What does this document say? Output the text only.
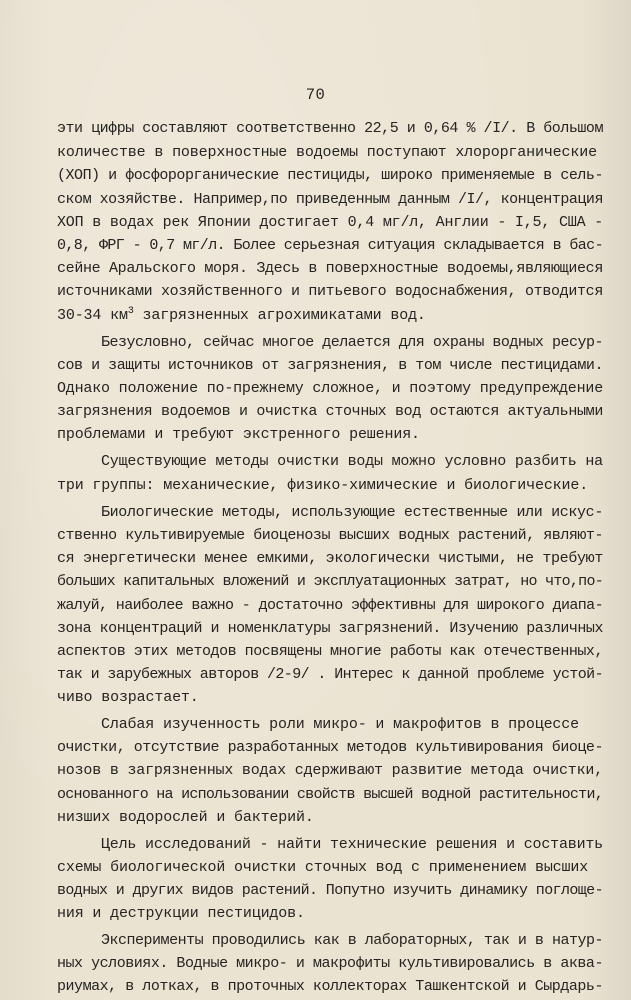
70
эти цифры составляют соответственно 22,5 и 0,64 % /I/. В большом
количестве в поверхностные водоемы поступают хлорорганические
(ХОП) и фосфорорганические пестициды, широко применяемые в сель-
ском хозяйстве. Например,по приведенным данным /I/, концентрация
ХОП в водах рек Японии достигает 0,4 мг/л, Англии - I,5, США -
0,8, ФРГ - 0,7 мг/л. Более серьезная ситуация складывается в бас-
сейне Аральского моря. Здесь в поверхностные водоемы,являющиеся
источниками хозяйственного и питьевого водоснабжения, отводится
30-34 $км^3$ загрязненных агрохимикатами вод.
Безусловно, сейчас многое делается для охраны водных ресур-
сов и защиты источников от загрязнения, в том числе пестицидами.
Однако положение по-прежнему сложное, и поэтому предупреждение
загрязнения водоемов и очистка сточных вод остаются актуальными
проблемами и требуют экстренного решения.
Существующие методы очистки воды можно условно разбить на
три группы: механические, физико-химические и биологические.
Биологические методы, использующие естественные или искус-
ственно культивируемые биоценозы высших водных растений, являют-
ся энергетически менее емкими, экологически чистыми, не требуют
больших капитальных вложений и эксплуатационных затрат, но что,по-
жалуй, наиболее важно - достаточно эффективны для широкого диапа-
зона концентраций и номенклатуры загрязнений. Изучению различных
аспектов этих методов посвящены многие работы как отечественных,
так и зарубежных авторов /2-9/ . Интерес к данной проблеме устой-
чиво возрастает.
Слабая изученность роли микро- и макрофитов в процессе
очистки, отсутствие разработанных методов культивирования биоце-
нозов в загрязненных водах сдерживают развитие метода очистки,
основанного на использовании свойств высшей водной растительности,
низших водорослей и бактерий.
Цель исследований - найти технические решения и составить
схемы биологической очистки сточных вод с применением высших
водных и других видов растений. Попутно изучить динамику поглоще-
ния и деструкции пестицидов.
Эксперименты проводились как в лабораторных, так и в натур-
ных условиях. Водные микро- и макрофиты культивировались в аква-
риумах, в лотках, в проточных коллекторах Ташкентской и Сырдарь-
